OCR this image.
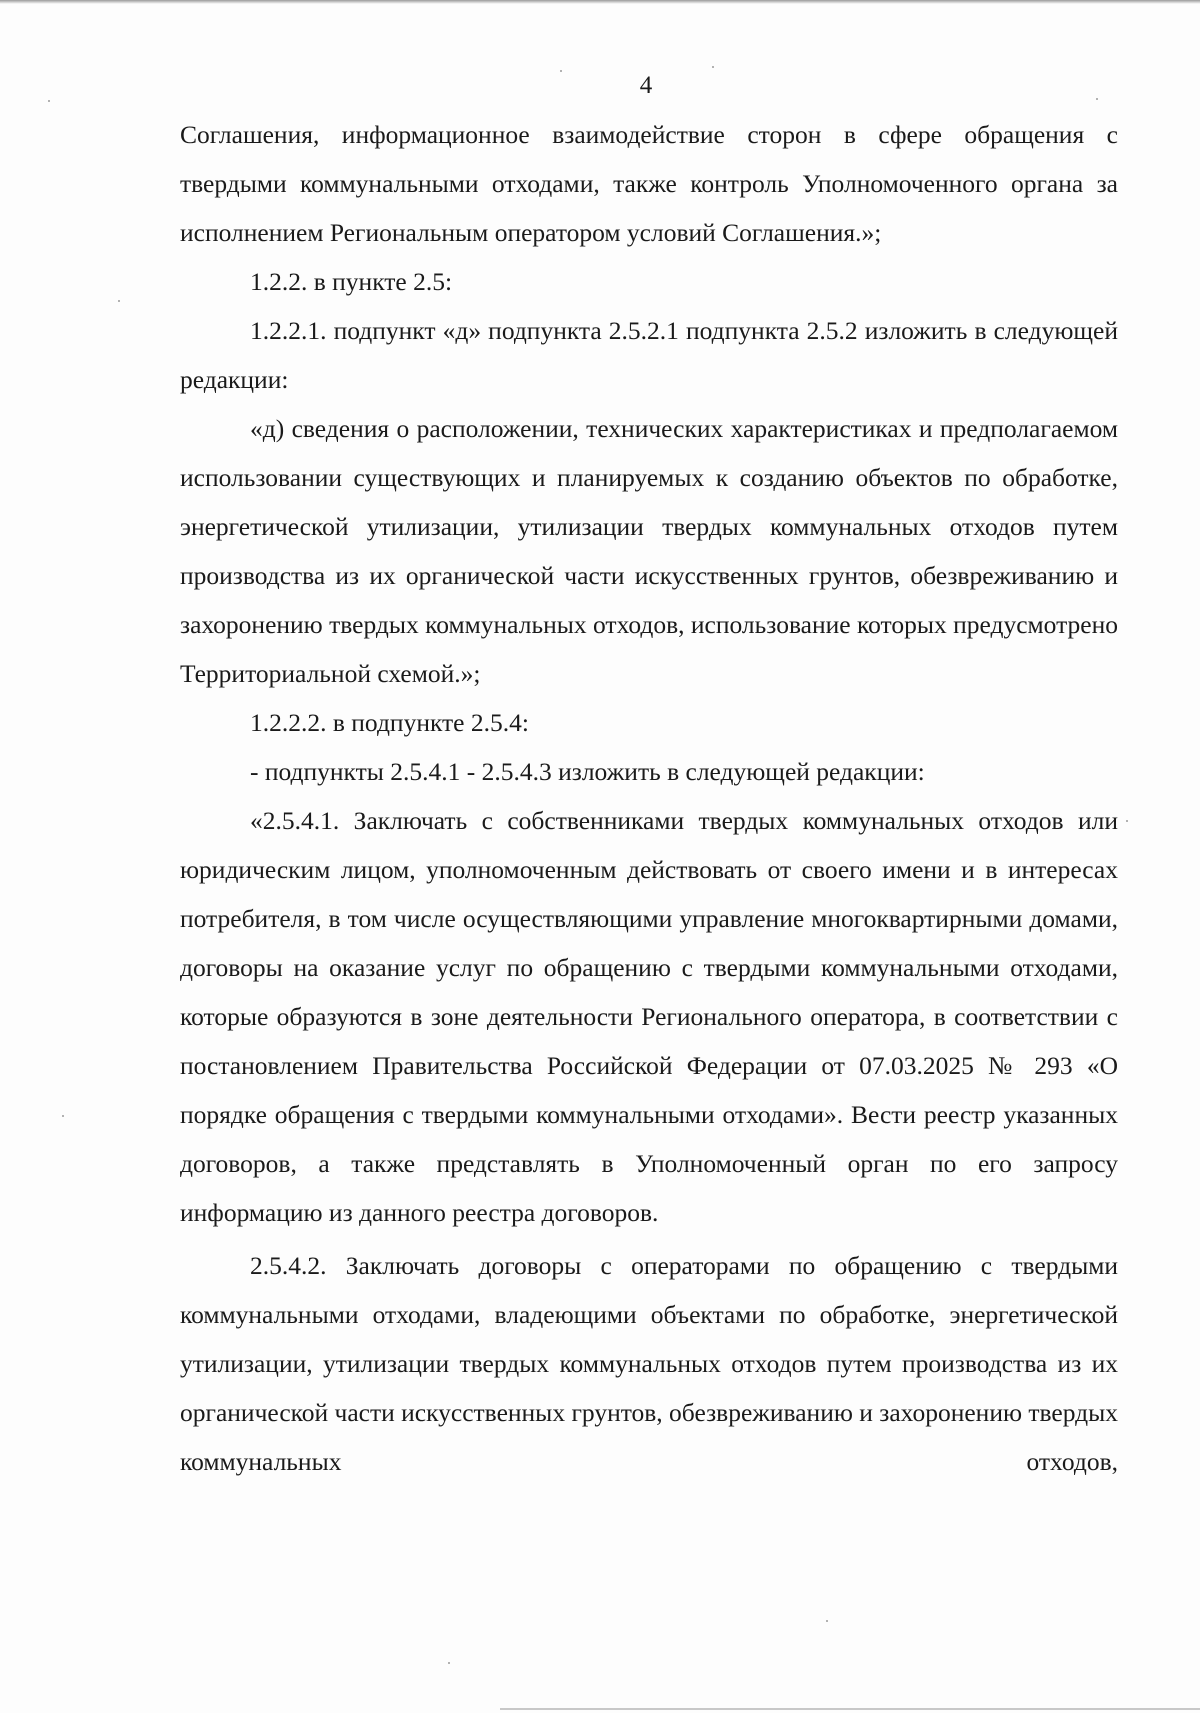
4

Соглашения, информационное взаимодействие сторон в сфере обращения с твердыми коммунальными отходами, также контроль Уполномоченного органа за исполнением Региональным оператором условий Соглашения.»;

1.2.2. в пункте 2.5:

1.2.2.1. подпункт «д» подпункта 2.5.2.1 подпункта 2.5.2 изложить в следующей редакции:

«д) сведения о расположении, технических характеристиках и предполагаемом использовании существующих и планируемых к созданию объектов по обработке, энергетической утилизации, утилизации твердых коммунальных отходов путем производства из их органической части искусственных грунтов, обезвреживанию и захоронению твердых коммунальных отходов, использование которых предусмотрено Территориальной схемой.»;

1.2.2.2. в подпункте 2.5.4:

- подпункты 2.5.4.1 - 2.5.4.3 изложить в следующей редакции:

«2.5.4.1. Заключать с собственниками твердых коммунальных отходов или юридическим лицом, уполномоченным действовать от своего имени и в интересах потребителя, в том числе осуществляющими управление многоквартирными домами, договоры на оказание услуг по обращению с твердыми коммунальными отходами, которые образуются в зоне деятельности Регионального оператора, в соответствии с постановлением Правительства Российской Федерации от 07.03.2025 № 293 «О порядке обращения с твердыми коммунальными отходами». Вести реестр указанных договоров, а также представлять в Уполномоченный орган по его запросу информацию из данного реестра договоров.

2.5.4.2. Заключать договоры с операторами по обращению с твердыми коммунальными отходами, владеющими объектами по обработке, энергетической утилизации, утилизации твердых коммунальных отходов путем производства из их органической части искусственных грунтов, обезвреживанию и захоронению твердых коммунальных отходов,
